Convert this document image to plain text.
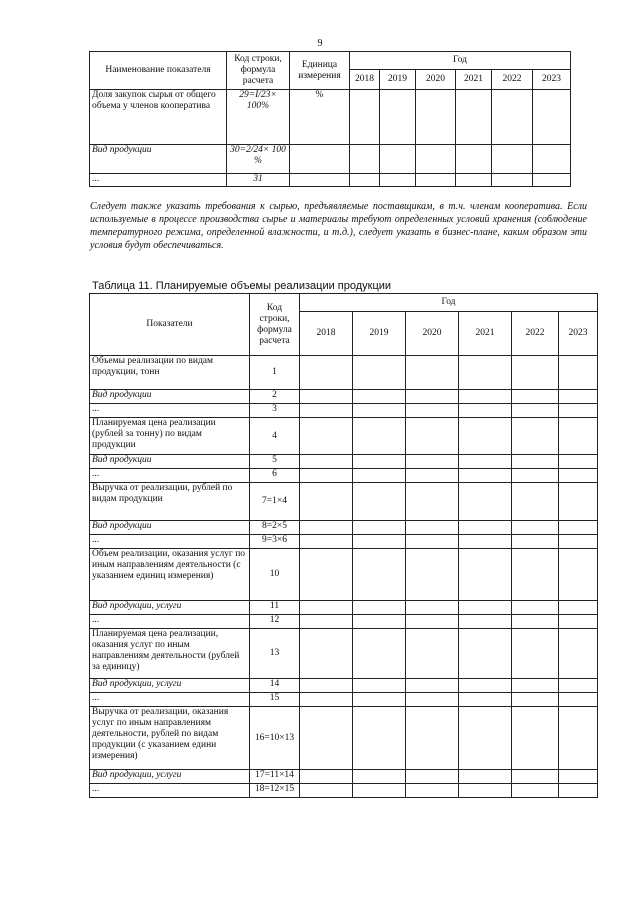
9
Наименование показателя	Код строки, формула расчета	Единица измерения	Год					
			2018	2019	2020	2021	2022	2023
Доля закупок сырья от общего объема у членов кооператива	29=I/23× 100%	%						
Вид продукции	30=2/24× 100 %							
...	31							
Следует также указать требования к сырью, предъявляемые поставщикам, в т.ч. членам кооператива. Если используемые в процессе производства сырье и материалы требуют определенных условий хранения (соблюдение температурного режима, определенной влажности, и т.д.), следует указать в бизнес-плане, каким образом эти условия будут обеспечиваться.
Таблица 11. Планируемые объемы реализации продукции
Показатели	Код строки, формула расчета	Год					
		2018	2019	2020	2021	2022	2023
Объемы реализации по видам продукции, тонн	1						
Вид продукции	2						
...	3						
Планируемая цена реализации (рублей за тонну) по видам продукции	4						
Вид продукции	5						
...	6						
Выручка от реализации, рублей по видам продукции	7=1×4						
Вид продукции	8=2×5						
...	9=3×6						
Объем реализации, оказания услуг по иным направлениям деятельности (с указанием единиц измерения)	10						
Вид продукции, услуги	11						
...	12						
Планируемая цена реализации, оказания услуг по иным направлениям деятельности (рублей за единицу)	13						
Вид продукции, услуги	14						
...	15						
Выручка от реализации, оказания услуг по иным направлениям деятельности, рублей по видам продукции (с указанием едини измерения)	16=10×13						
Вид продукции, услуги	17=11×14						
...	18=12×15						
